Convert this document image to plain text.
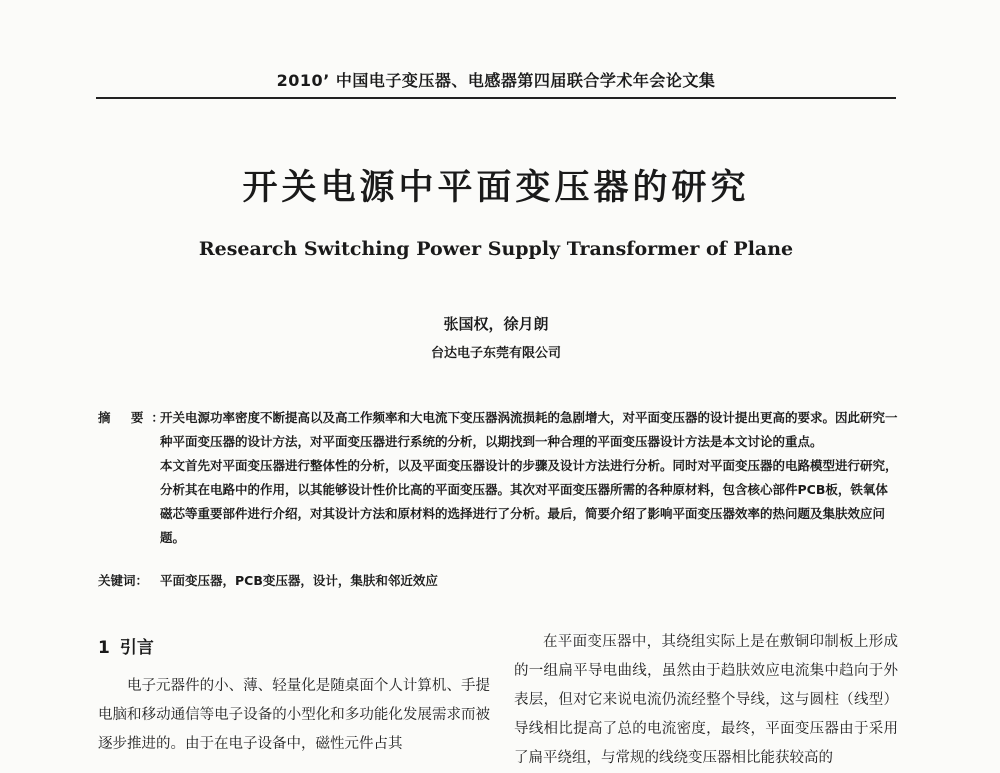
2010’ 中国电子变压器、电感器第四届联合学术年会论文集
开关电源中平面变压器的研究
Research Switching Power Supply Transformer of Plane
张国权，徐月朗
台达电子东莞有限公司
摘 要：

开关电源功率密度不断提高以及高工作频率和大电流下变压器涡流损耗的急剧增大，对平面变压器的设计提出更高的要求。因此研究一种平面变压器的设计方法，对平面变压器进行系统的分析，以期找到一种合理的平面变压器设计方法是本文讨论的重点。

本文首先对平面变压器进行整体性的分析，以及平面变压器设计的步骤及设计方法进行分析。同时对平面变压器的电路模型进行研究，分析其在电路中的作用，以其能够设计性价比高的平面变压器。其次对平面变压器所需的各种原材料，包含核心部件PCB板，铁氧体磁芯等重要部件进行介绍，对其设计方法和原材料的选择进行了分析。最后，简要介绍了影响平面变压器效率的热问题及集肤效应问题。

关键词： 平面变压器，PCB变压器，设计，集肤和邻近效应
1 引言

电子元器件的小、薄、轻量化是随桌面个人计算机、手提电脑和移动通信等电子设备的小型化和多功能化发展需求而被逐步推进的。由于在电子设备中，磁性元件占其

在平面变压器中，其绕组实际上是在敷铜印制板上形成的一组扁平导电曲线，虽然由于趋肤效应电流集中趋向于外表层，但对它来说电流仍流经整个导线，这与圆柱（线型）导线相比提高了总的电流密度，最终，平面变压器由于采用了扁平绕组，与常规的线绕变压器相比能获较高的
